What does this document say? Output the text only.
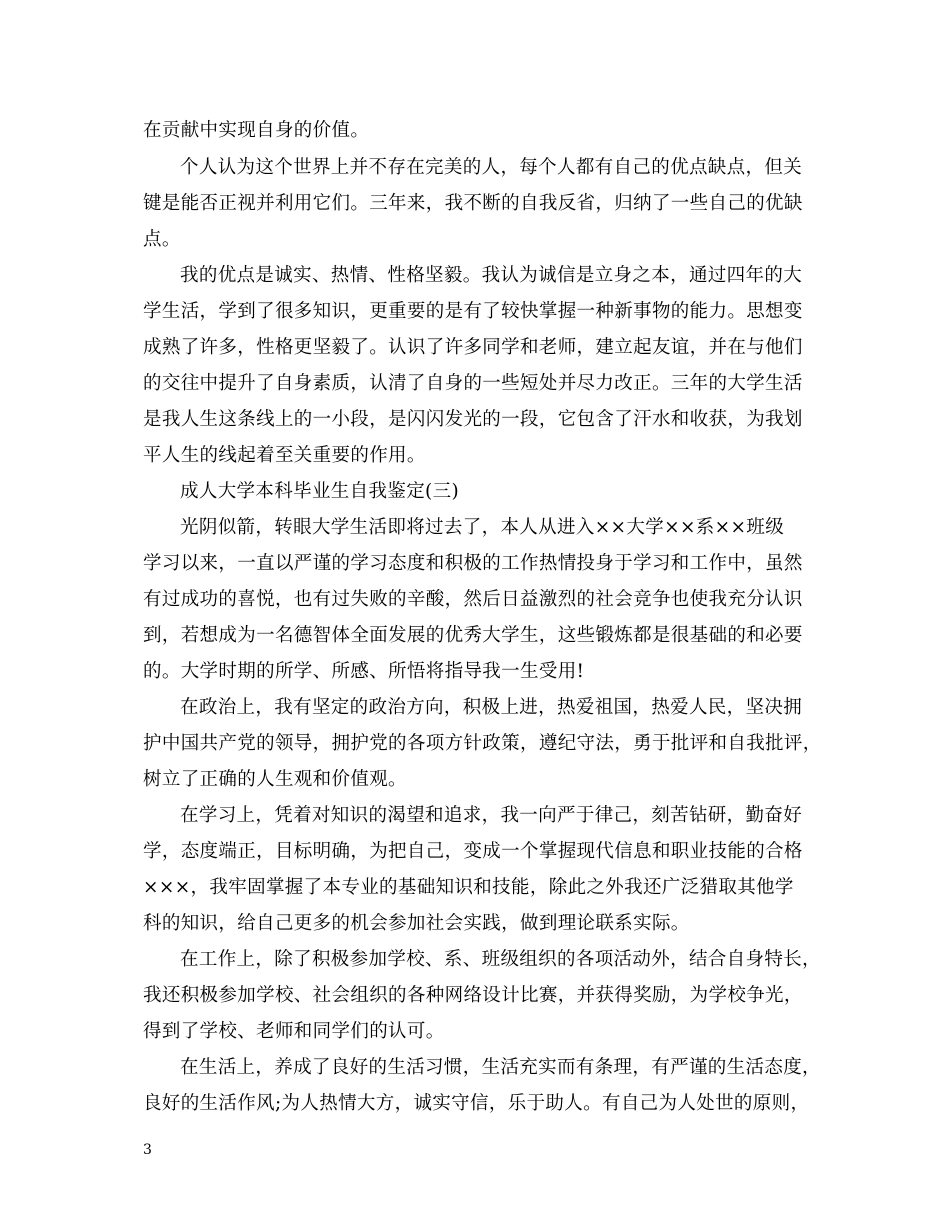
在贡献中实现自身的价值。
个人认为这个世界上并不存在完美的人，每个人都有自己的优点缺点，但关
键是能否正视并利用它们。三年来，我不断的自我反省，归纳了一些自己的优缺
点。
我的优点是诚实、热情、性格坚毅。我认为诚信是立身之本，通过四年的大
学生活，学到了很多知识，更重要的是有了较快掌握一种新事物的能力。思想变
成熟了许多，性格更坚毅了。认识了许多同学和老师，建立起友谊，并在与他们
的交往中提升了自身素质，认清了自身的一些短处并尽力改正。三年的大学生活
是我人生这条线上的一小段，是闪闪发光的一段，它包含了汗水和收获，为我划
平人生的线起着至关重要的作用。
成人大学本科毕业生自我鉴定(三)
光阴似箭，转眼大学生活即将过去了，本人从进入××大学××系××班级
学习以来，一直以严谨的学习态度和积极的工作热情投身于学习和工作中，虽然
有过成功的喜悦，也有过失败的辛酸，然后日益激烈的社会竞争也使我充分认识
到，若想成为一名德智体全面发展的优秀大学生，这些锻炼都是很基础的和必要
的。大学时期的所学、所感、所悟将指导我一生受用!
在政治上，我有坚定的政治方向，积极上进，热爱祖国，热爱人民，坚决拥
护中国共产党的领导，拥护党的各项方针政策，遵纪守法，勇于批评和自我批评，
树立了正确的人生观和价值观。
在学习上，凭着对知识的渴望和追求，我一向严于律己，刻苦钻研，勤奋好
学，态度端正，目标明确，为把自己，变成一个掌握现代信息和职业技能的合格
×××，我牢固掌握了本专业的基础知识和技能，除此之外我还广泛猎取其他学
科的知识，给自己更多的机会参加社会实践，做到理论联系实际。
在工作上，除了积极参加学校、系、班级组织的各项活动外，结合自身特长，
我还积极参加学校、社会组织的各种网络设计比赛，并获得奖励，为学校争光，
得到了学校、老师和同学们的认可。
在生活上，养成了良好的生活习惯，生活充实而有条理，有严谨的生活态度，
良好的生活作风;为人热情大方，诚实守信，乐于助人。有自己为人处世的原则，
3
